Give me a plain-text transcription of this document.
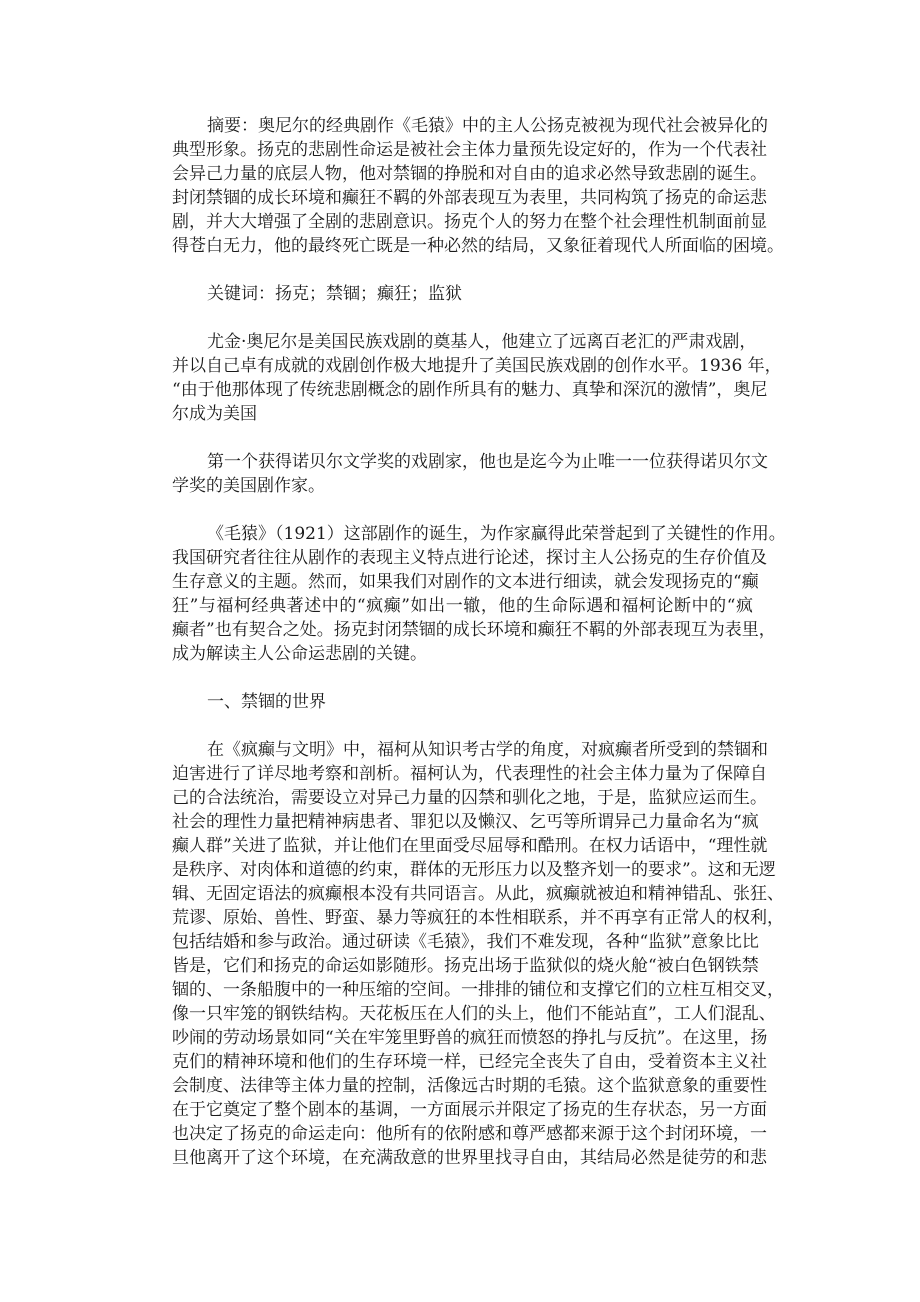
摘要：奥尼尔的经典剧作《毛猿》中的主人公扬克被视为现代社会被异化的
典型形象。扬克的悲剧性命运是被社会主体力量预先设定好的，作为一个代表社
会异己力量的底层人物，他对禁锢的挣脱和对自由的追求必然导致悲剧的诞生。
封闭禁锢的成长环境和癫狂不羁的外部表现互为表里，共同构筑了扬克的命运悲
剧，并大大增强了全剧的悲剧意识。扬克个人的努力在整个社会理性机制面前显
得苍白无力，他的最终死亡既是一种必然的结局，又象征着现代人所面临的困境。
关键词：扬克；禁锢；癫狂；监狱
尤金·奥尼尔是美国民族戏剧的奠基人，他建立了远离百老汇的严肃戏剧，
并以自己卓有成就的戏剧创作极大地提升了美国民族戏剧的创作水平。1936 年，
“由于他那体现了传统悲剧概念的剧作所具有的魅力、真挚和深沉的激情”，奥尼
尔成为美国
第一个获得诺贝尔文学奖的戏剧家，他也是迄今为止唯一一位获得诺贝尔文
学奖的美国剧作家。
《毛猿》（1921）这部剧作的诞生，为作家赢得此荣誉起到了关键性的作用。
我国研究者往往从剧作的表现主义特点进行论述，探讨主人公扬克的生存价值及
生存意义的主题。然而，如果我们对剧作的文本进行细读，就会发现扬克的“癫
狂”与福柯经典著述中的“疯癫”如出一辙，他的生命际遇和福柯论断中的“疯
癫者”也有契合之处。扬克封闭禁锢的成长环境和癫狂不羁的外部表现互为表里，
成为解读主人公命运悲剧的关键。
一、禁锢的世界
在《疯癫与文明》中，福柯从知识考古学的角度，对疯癫者所受到的禁锢和
迫害进行了详尽地考察和剖析。福柯认为，代表理性的社会主体力量为了保障自
己的合法统治，需要设立对异己力量的囚禁和驯化之地，于是，监狱应运而生。
社会的理性力量把精神病患者、罪犯以及懒汉、乞丐等所谓异己力量命名为“疯
癫人群”关进了监狱，并让他们在里面受尽屈辱和酷刑。在权力话语中，“理性就
是秩序、对肉体和道德的约束，群体的无形压力以及整齐划一的要求”。这和无逻
辑、无固定语法的疯癫根本没有共同语言。从此，疯癫就被迫和精神错乱、张狂、
荒谬、原始、兽性、野蛮、暴力等疯狂的本性相联系，并不再享有正常人的权利，
包括结婚和参与政治。通过研读《毛猿》，我们不难发现，各种“监狱”意象比比
皆是，它们和扬克的命运如影随形。扬克出场于监狱似的烧火舱“被白色钢铁禁
锢的、一条船腹中的一种压缩的空间。一排排的铺位和支撑它们的立柱互相交叉，
像一只牢笼的钢铁结构。天花板压在人们的头上，他们不能站直”，工人们混乱、
吵闹的劳动场景如同“关在牢笼里野兽的疯狂而愤怒的挣扎与反抗”。在这里，扬
克们的精神环境和他们的生存环境一样，已经完全丧失了自由，受着资本主义社
会制度、法律等主体力量的控制，活像远古时期的毛猿。这个监狱意象的重要性
在于它奠定了整个剧本的基调，一方面展示并限定了扬克的生存状态，另一方面
也决定了扬克的命运走向：他所有的依附感和尊严感都来源于这个封闭环境，一
旦他离开了这个环境，在充满敌意的世界里找寻自由，其结局必然是徒劳的和悲
